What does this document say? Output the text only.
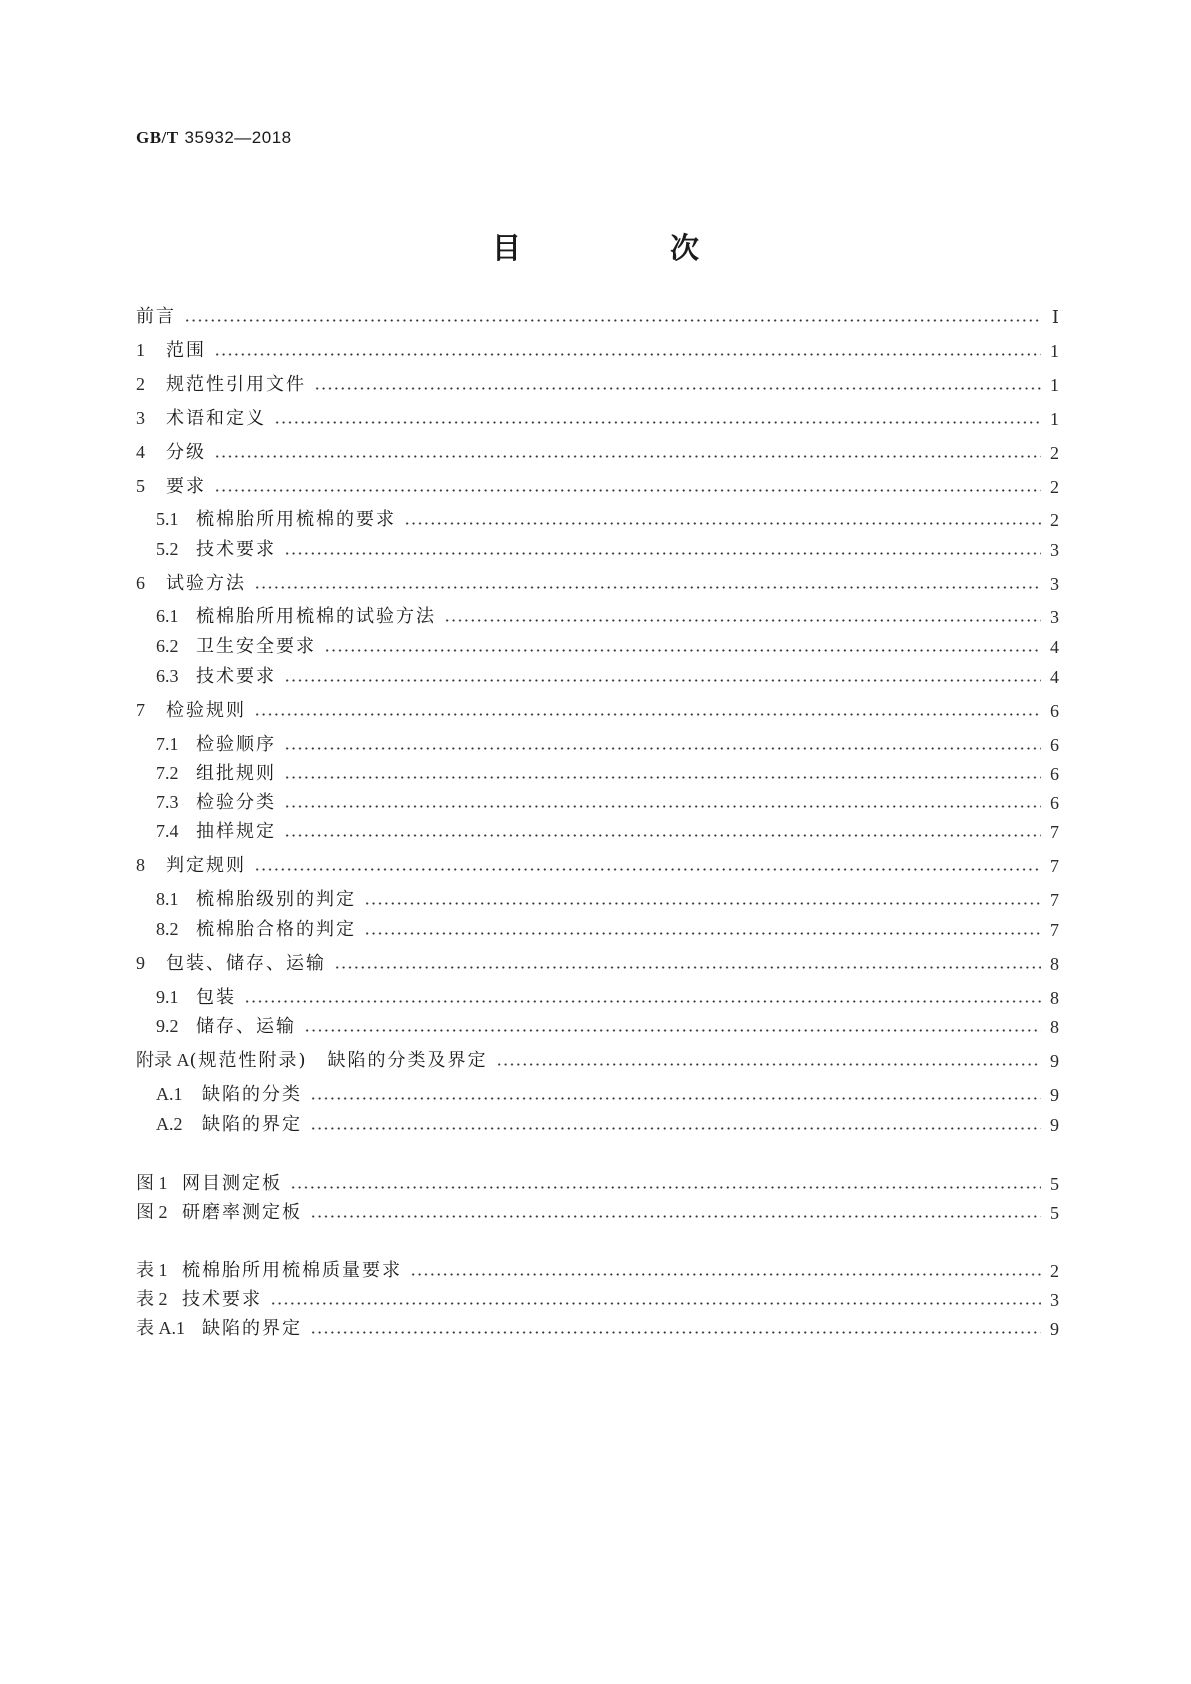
GB/T 35932—2018
目　次
前言	Ⅰ
1 范围	1
2 规范性引用文件	1
3 术语和定义	1
4 分级	2
5 要求	2
5.1 梳棉胎所用梳棉的要求	2
5.2 技术要求	3
6 试验方法	3
6.1 梳棉胎所用梳棉的试验方法	3
6.2 卫生安全要求	4
6.3 技术要求	4
7 检验规则	6
7.1 检验顺序	6
7.2 组批规则	6
7.3 检验分类	6
7.4 抽样规定	7
8 判定规则	7
8.1 梳棉胎级别的判定	7
8.2 梳棉胎合格的判定	7
9 包装、储存、运输	8
9.1 包装	8
9.2 储存、运输	8
附录 A(规范性附录)　缺陷的分类及界定	9
A.1 缺陷的分类	9
A.2 缺陷的界定	9
图 1 网目测定板	5
图 2 研磨率测定板	5
表 1 梳棉胎所用梳棉质量要求	2
表 2 技术要求	3
表 A.1 缺陷的界定	9
